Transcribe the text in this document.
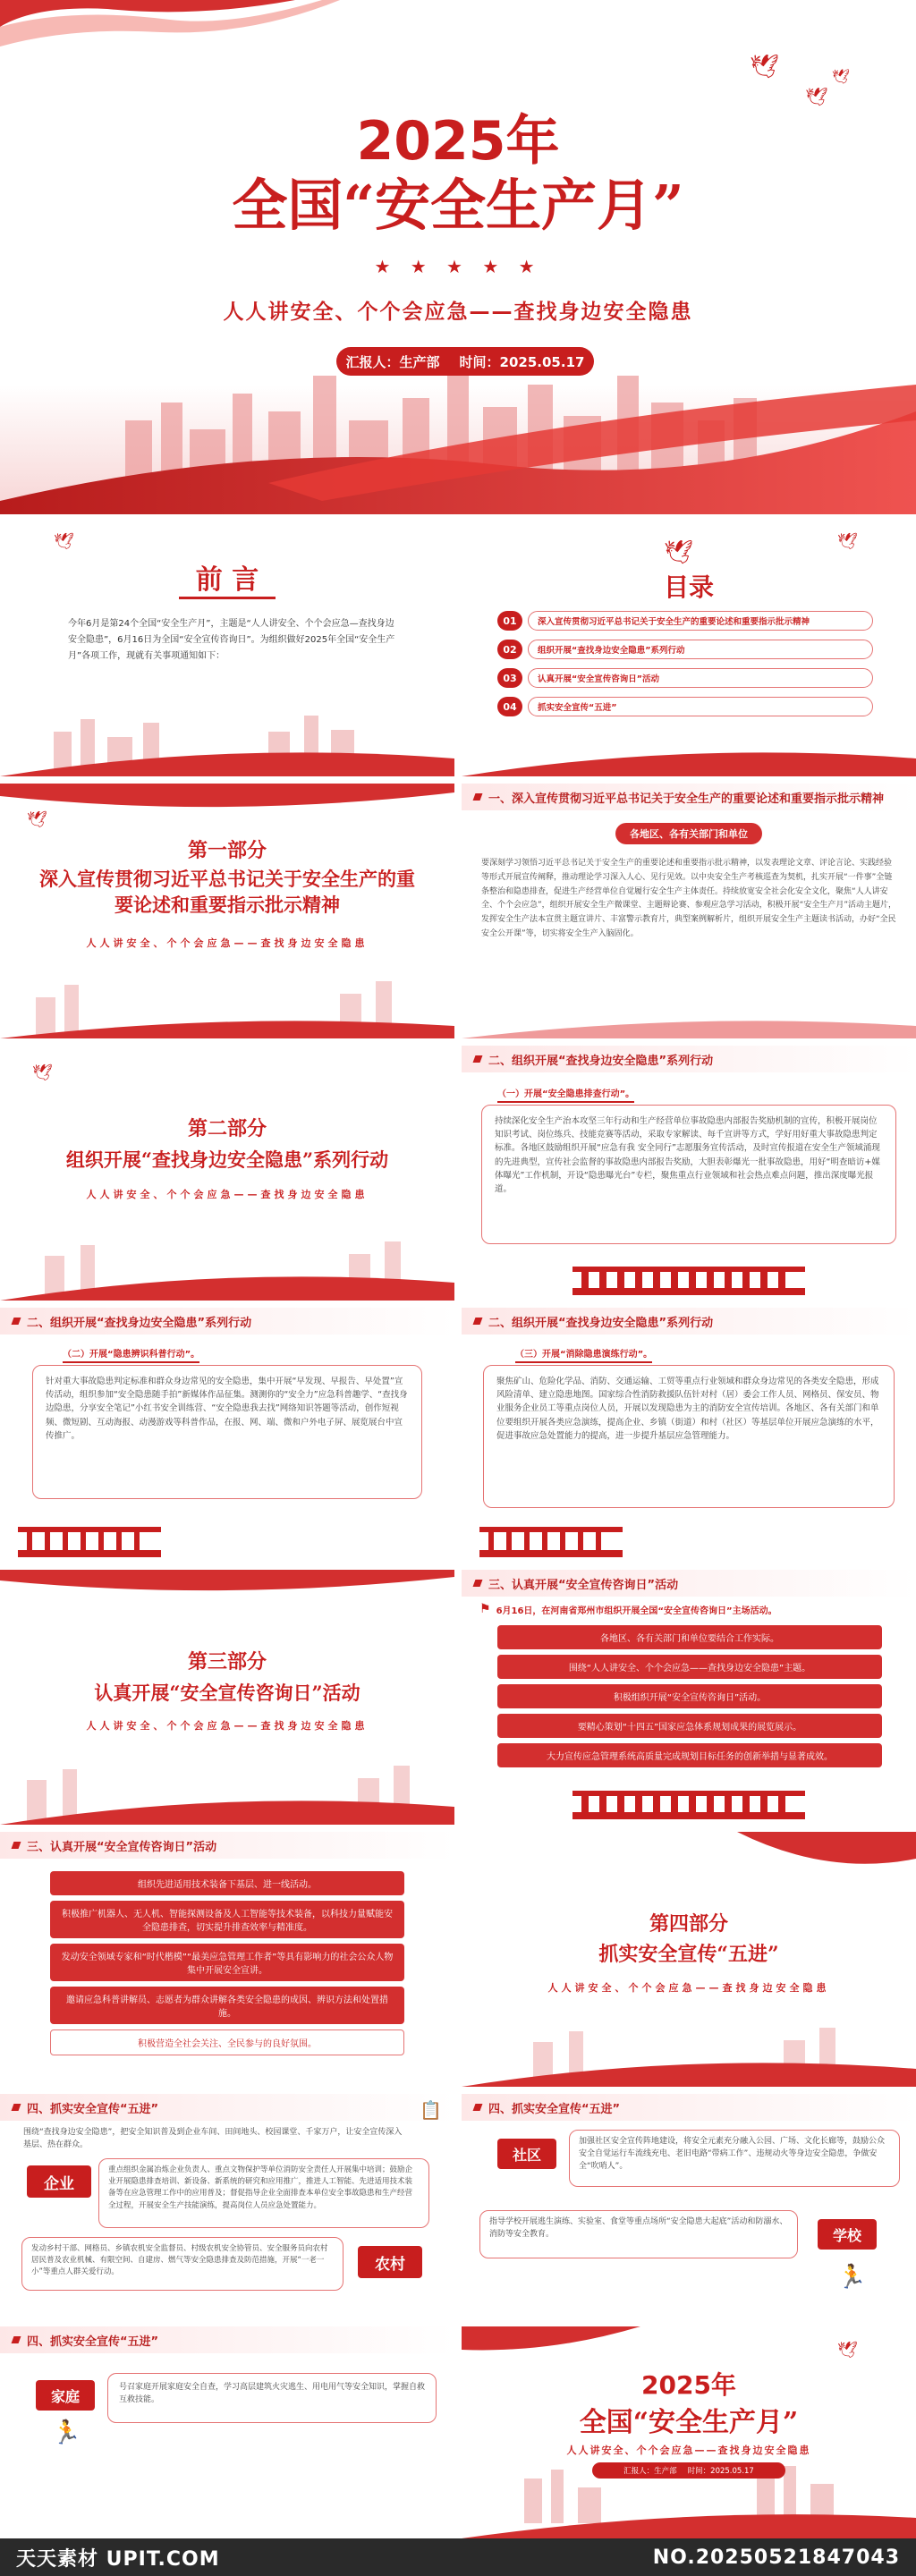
🕊
🕊
🕊
2025年
全国“安全生产月”
★ ★ ★ ★ ★
人人讲安全、个个会应急——查找身边安全隐患
汇报人：生产部 时间：2025.05.17
🕊
前 言
今年6月是第24个全国“安全生产月”，主题是“人人讲安全、个个会应急—查找身边安全隐患”，6月16日为全国“安全宣传咨询日”。为组织做好2025年全国“安全生产月”各项工作，现就有关事项通知如下：
🕊
🕊
目录
01	深入宣传贯彻习近平总书记关于安全生产的重要论述和重要指示批示精神
02	组织开展“查找身边安全隐患”系列行动
03	认真开展“安全宣传咨询日”活动
04	抓实安全宣传“五进”
🕊
第一部分
深入宣传贯彻习近平总书记关于安全生产的重要论述和重要指示批示精神
人人讲安全、个个会应急——查找身边安全隐患
一、深入宣传贯彻习近平总书记关于安全生产的重要论述和重要指示批示精神
各地区、各有关部门和单位
要深刻学习领悟习近平总书记关于安全生产的重要论述和重要指示批示精神，以发表理论文章、评论言论、实践经验等形式开展宣传阐释，推动理论学习深入人心、见行见效。以中央安全生产考核巡查为契机，扎实开展“一件事”全链条整治和隐患排查，促进生产经营单位自觉履行安全生产主体责任。持续放宽安全社会化安全文化，聚焦“人人讲安全、个个会应急”，组织开展安全生产微课堂、主题辩论赛、参观应急学习活动，积极开展“安全生产月”活动主题片，发挥安全生产法本宣贯主题宣讲片、丰富警示教育片，典型案例解析片，组织开展安全生产主题读书活动，办好“全民安全公开课”等，切实将安全生产入脑固化。
🕊
第二部分
组织开展“查找身边安全隐患”系列行动
人人讲安全、个个会应急——查找身边安全隐患
二、组织开展“查找身边安全隐患”系列行动
（一）开展“安全隐患排查行动”。
持续深化安全生产治本攻坚三年行动和生产经营单位事故隐患内部报告奖励机制的宣传，积极开展岗位知识考试、岗位练兵、技能竞赛等活动，采取专家解读、每千宣讲等方式，学好用好重大事故隐患判定标准。各地区鼓励组织开展“应急有我 安全同行”志愿服务宣传活动，及时宣传报道在安全生产领域涌现的先进典型，宣传社会监督的事故隐患内部报告奖励，大胆表彰爆光一批事故隐患，用好“明查暗访+媒体曝光”工作机制，开设“隐患曝光台”专栏，聚焦重点行业领域和社会热点难点问题，推出深度曝光报道。
二、组织开展“查找身边安全隐患”系列行动
（二）开展“隐患辨识科普行动”。
针对重大事故隐患判定标准和群众身边常见的安全隐患，集中开展“早发现、早报告、早处置”宣传活动，组织参加“安全隐患随手拍”新媒体作品征集。测测你的“安全力”应急科普趣学、“查找身边隐患，分享安全笔记”小红书安全训练营、“安全隐患我去找”网络知识答题等活动，创作短视频、微短剧、互动海报、动漫游戏等科普作品，在报、网、端、微和户外电子屏、展览展台中宣传推广。
二、组织开展“查找身边安全隐患”系列行动
（三）开展“消除隐患演练行动”。
聚焦矿山、危险化学品、消防、交通运输、工贸等重点行业领域和群众身边常见的各类安全隐患，形成风险清单、建立隐患地图。国家综合性消防救援队伍针对村（居）委会工作人员、网格员、保安员、物业服务企业员工等重点岗位人员，开展以发现隐患为主的消防安全宣传培训。各地区、各有关部门和单位要组织开展各类应急演练，提高企业、乡镇（街道）和村（社区）等基层单位开展应急演练的水平，促进事故应急处置能力的提高，进一步提升基层应急管理能力。
第三部分
认真开展“安全宣传咨询日”活动
人人讲安全、个个会应急——查找身边安全隐患
三、认真开展“安全宣传咨询日”活动
⚑ 6月16日，在河南省郑州市组织开展全国“安全宣传咨询日”主场活动。
各地区、各有关部门和单位要结合工作实际。
围绕“人人讲安全、个个会应急——查找身边安全隐患”主题。
积极组织开展“安全宣传咨询日”活动。
要精心策划“十四五”国家应急体系规划成果的展览展示。
大力宣传应急管理系统高质量完成规划目标任务的创新举措与显著成效。
三、认真开展“安全宣传咨询日”活动
组织先进适用技术装备下基层、进一线活动。
积极推广机器人、无人机、智能探测设备及人工智能等技术装备，以科技力量赋能安全隐患排查，切实提升排查效率与精准度。
发动安全领域专家和“时代楷模”“最美应急管理工作者”等具有影响力的社会公众人物集中开展安全宣讲。
邀请应急科普讲解员、志愿者为群众讲解各类安全隐患的成因、辨识方法和处置措施。
积极营造全社会关注、全民参与的良好氛围。
第四部分
抓实安全宣传“五进”
人人讲安全、个个会应急——查找身边安全隐患
四、抓实安全宣传“五进”	📋
围绕“查找身边安全隐患”，把安全知识普及到企业车间、田间地头、校园课堂、千家万户，让安全宣传深入基层、热在群众。
企业
重点组织金属冶炼企业负责人、重点文物保护等单位消防安全责任人开展集中培训；鼓励企业开展隐患排查培训、新设备、新系统的研究和应用推广，推进人工智能、先进适用技术装备等在应急管理工作中的应用普及；督促指导企业全面排查本单位安全事故隐患和生产经营全过程，开展安全生产技能演练，提高岗位人员应急处置能力。
发动乡村干部、网格员、乡镇农机安全监督员、村级农机安全协管员、安全服务员向农村居民普及农业机械、有限空间、自建房、燃气等安全隐患排查及防范措施，开展“一老一小”等重点人群关爱行动。	农村
四、抓实安全宣传“五进”
社区
加强社区安全宣传阵地建设，将安全元素充分融入公园、广场、文化长廊等，鼓励公众安全自觉运行车流线充电、老旧电路“带病工作”、违规动火等身边安全隐患，争做安全“吹哨人”。
指导学校开展逃生演练、实验室、食堂等重点场所“安全隐患大起底”活动和防溺水、消防等安全教育。	学校
🏃
四、抓实安全宣传“五进”
家庭
🏃
号召家庭开展家庭安全自查，学习高层建筑火灾逃生、用电用气等安全知识，掌握自救互救技能。
🕊
2025年
全国“安全生产月”
人人讲安全、个个会应急——查找身边安全隐患
汇报人：生产部 时间：2025.05.17
天天素材 UPIT.COM	NO.20250521847043
